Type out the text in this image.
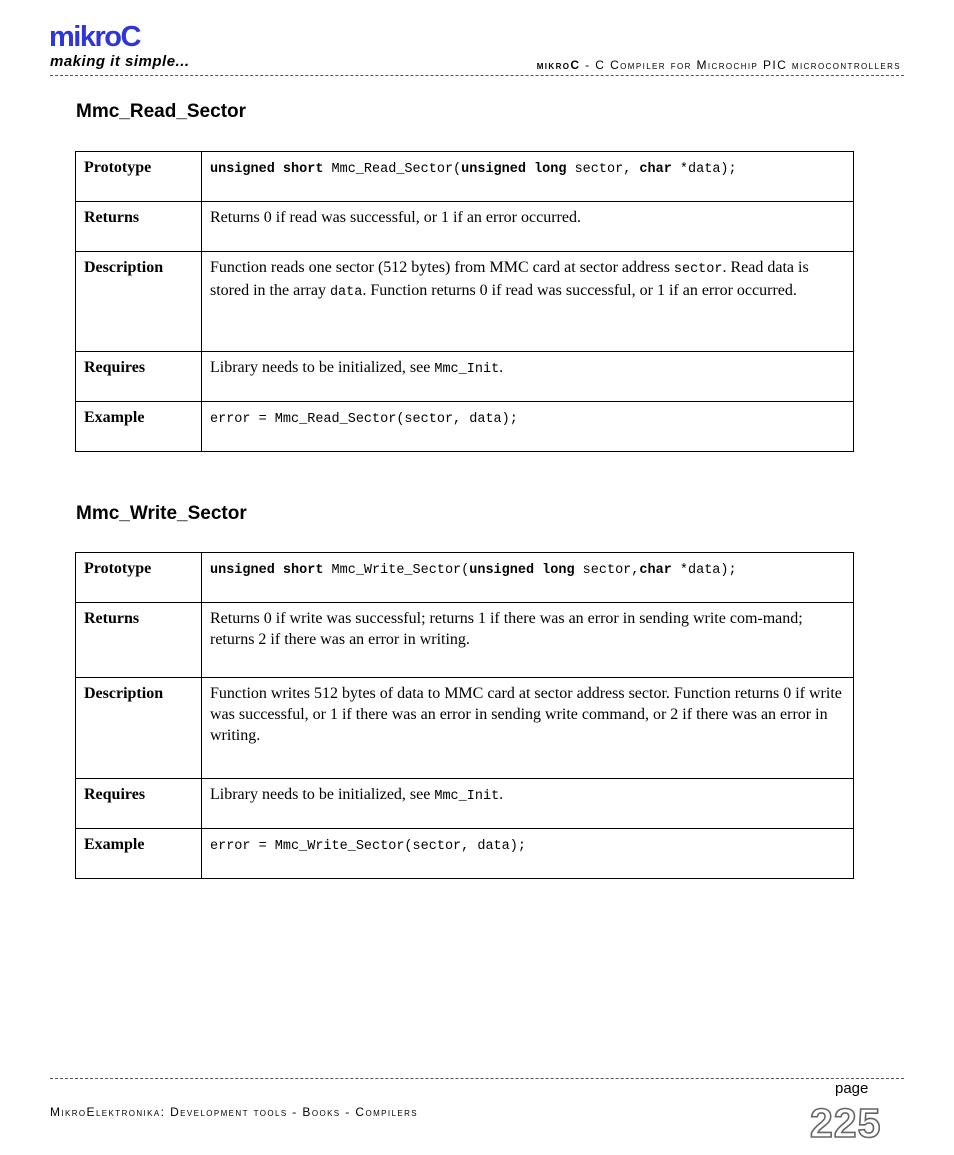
mikroC
making it simple...	mikroC - C Compiler for Microchip PIC microcontrollers
Mmc_Read_Sector
Prototype	unsigned short Mmc_Read_Sector(unsigned long sector, char *data);
Returns	Returns 0 if read was successful, or 1 if an error occurred.
Description	Function reads one sector (512 bytes) from MMC card at sector address sector. Read data is stored in the array data. Function returns 0 if read was successful, or 1 if an error occurred.
Requires	Library needs to be initialized, see Mmc_Init.
Example	error = Mmc_Read_Sector(sector, data);
Mmc_Write_Sector
Prototype	unsigned short Mmc_Write_Sector(unsigned long sector,char *data);
Returns	Returns 0 if write was successful; returns 1 if there was an error in sending write com-mand; returns 2 if there was an error in writing.
Description	Function writes 512 bytes of data to MMC card at sector address sector. Function returns 0 if write was successful, or 1 if there was an error in sending write command, or 2 if there was an error in writing.
Requires	Library needs to be initialized, see Mmc_Init.
Example	error = Mmc_Write_Sector(sector, data);
page
MikroElektronika: Development tools - Books - Compilers	225
